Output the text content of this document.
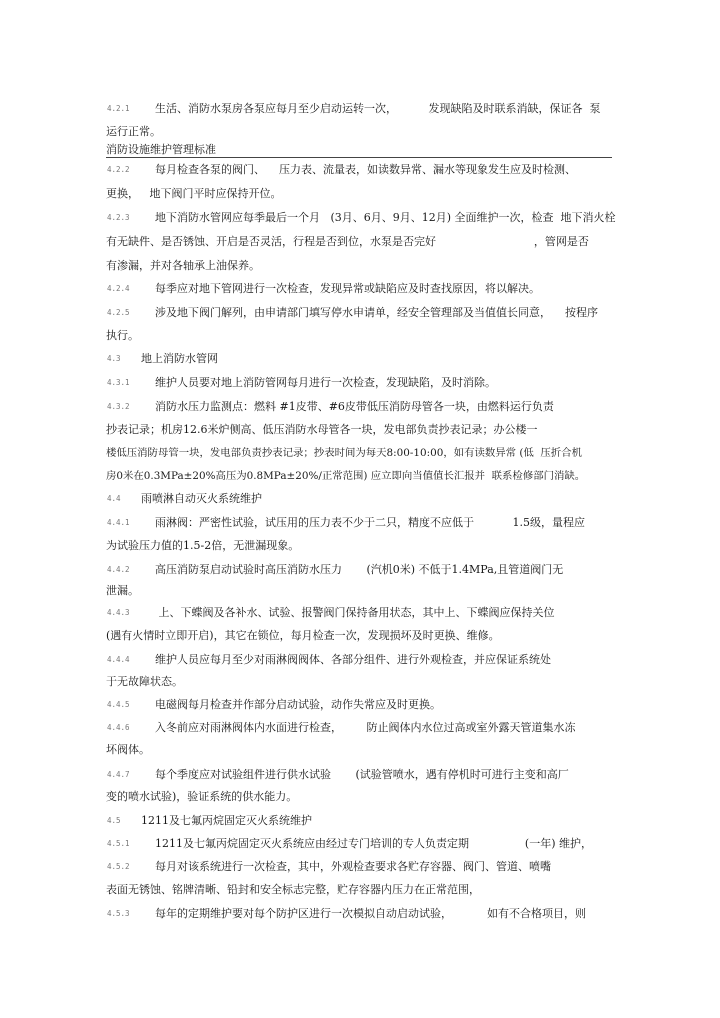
4.2.1 生活、消防水泵房各泵应每月至少启动运转一次，         发现缺陷及时联系消缺，保证各  泵
运行正常。
消防设施维护管理标准
4.2.2 每月检查各泵的阀门、    压力表、流量表，如读数异常、漏水等现象发生应及时检测、
更换，   地下阀门平时应保持开位。
4.2.3 地下消防水管网应每季最后一个月   (3月、6月、9月、12月) 全面维护一次，检查  地下消火栓
有无缺件、是否锈蚀、开启是否灵活，行程是否到位，水泵是否完好                            ，管网是否
有渗漏，并对各轴承上油保养。
4.2.4 每季应对地下管网进行一次检查，发现异常或缺陷应及时查找原因，将以解决。
4.2.5 涉及地下阀门解列，由申请部门填写停水申请单，经安全管理部及当值值长同意，    按程序
执行。
4.3 地上消防水管网
4.3.1 维护人员要对地上消防管网每月进行一次检查，发现缺陷，及时消除。
4.3.2 消防水压力监测点：燃料 #1皮带、#6皮带低压消防母管各一块，由燃料运行负责
抄表记录；机房12.6米炉侧高、低压消防水母管各一块，发电部负责抄表记录；办公楼一
楼低压消防母管一块，发电部负责抄表记录；抄表时间为每天8:00-10:00，如有读数异常 (低  压折合机
房0米在0.3MPa±20%高压为0.8MPa±20%/正常范围) 应立即向当值值长汇报并  联系检修部门消缺。
4.4 雨喷淋自动灭火系统维护
4.4.1 雨淋阀：严密性试验，试压用的压力表不少于二只，精度不应低于           1.5级，量程应
为试验压力值的1.5-2倍，无泄漏现象。
4.4.2 高压消防泵启动试验时高压消防水压力       (汽机0米) 不低于1.4MPa,且管道阀门无
泄漏。
4.4.3 上、下蝶阀及各补水、试验、报警阀门保持备用状态，其中上、下蝶阀应保持关位
(遇有火情时立即开启)，其它在锁位，每月检查一次，发现损坏及时更换、维修。
4.4.4 维护人员应每月至少对雨淋阀阀体、各部分组件、进行外观检查，并应保证系统处
于无故障状态。
4.4.5 电磁阀每月检查并作部分启动试验，动作失常应及时更换。
4.4.6 入冬前应对雨淋阀体内水面进行检查，       防止阀体内水位过高或室外露天管道集水冻
坏阀体。
4.4.7 每个季度应对试验组件进行供水试验       (试验管喷水，遇有停机时可进行主变和高厂
变的喷水试验)，验证系统的供水能力。
4.5 1211及七氟丙烷固定灭火系统维护
4.5.1 1211及七氟丙烷固定灭火系统应由经过专门培训的专人负责定期                (一年) 维护，
4.5.2 每月对该系统进行一次检查，其中，外观检查要求各贮存容器、阀门、管道、喷嘴
表面无锈蚀、铭牌清晰、铅封和安全标志完整，贮存容器内压力在正常范围，
4.5.3 每年的定期维护要对每个防护区进行一次模拟自动启动试验，          如有不合格项目，则
